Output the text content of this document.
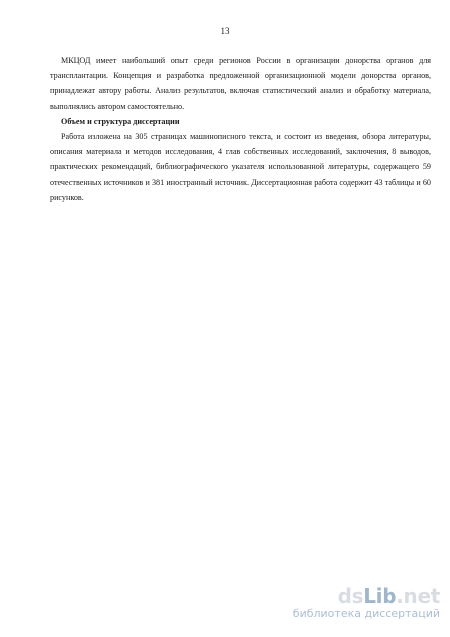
13

МКЦОД имеет наибольший опыт среди регионов России в организации донорства органов для трансплантации. Концепция и разработка предложенной организационной модели донорства органов, принадлежат автору работы. Анализ результатов, включая статистический анализ и обработку материала, выполнялись автором самостоятельно.

Объем и структура диссертации

Работа изложена на 305 страницах машинописного текста, и состоит из введения, обзора литературы, описания материала и методов исследования, 4 глав собственных исследований, заключения, 8 выводов, практических рекомендаций, библиографического указателя использованной литературы, содержащего 59 отечественных источников и 381 иностранный источник. Диссертационная работа содержит 43 таблицы и 60 рисунков.

dsLib.net
библиотека диссертаций
